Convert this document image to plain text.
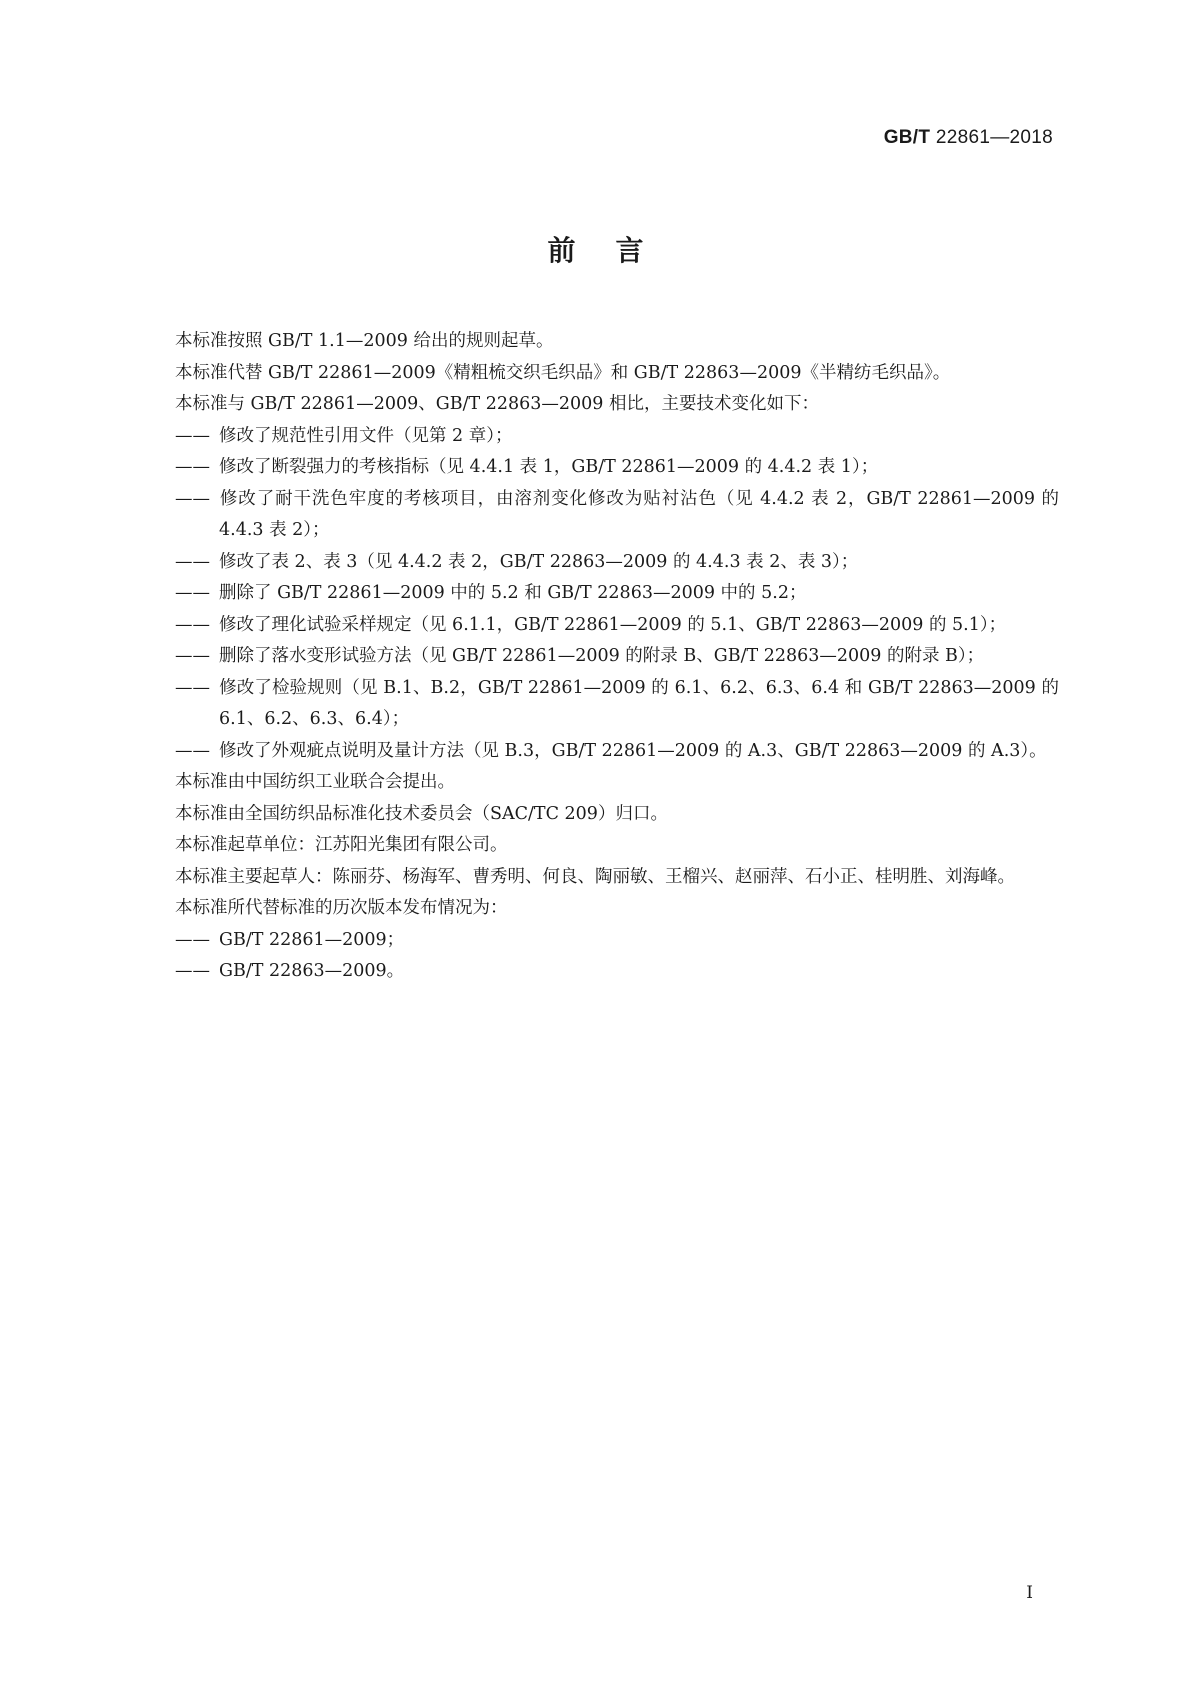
GB/T 22861—2018
前言

本标准按照 GB/T 1.1—2009 给出的规则起草。

本标准代替 GB/T 22861—2009《精粗梳交织毛织品》和 GB/T 22863—2009《半精纺毛织品》。

本标准与 GB/T 22861—2009、GB/T 22863—2009 相比，主要技术变化如下：

—— 修改了规范性引用文件（见第 2 章）；

—— 修改了断裂强力的考核指标（见 4.4.1 表 1，GB/T 22861—2009 的 4.4.2 表 1）；

—— 修改了耐干洗色牢度的考核项目，由溶剂变化修改为贴衬沾色（见 4.4.2 表 2，GB/T 22861—2009 的 4.4.3 表 2）；

—— 修改了表 2、表 3（见 4.4.2 表 2，GB/T 22863—2009 的 4.4.3 表 2、表 3）；

—— 删除了 GB/T 22861—2009 中的 5.2 和 GB/T 22863—2009 中的 5.2；

—— 修改了理化试验采样规定（见 6.1.1，GB/T 22861—2009 的 5.1、GB/T 22863—2009 的 5.1）；

—— 删除了落水变形试验方法（见 GB/T 22861—2009 的附录 B、GB/T 22863—2009 的附录 B）；

—— 修改了检验规则（见 B.1、B.2，GB/T 22861—2009 的 6.1、6.2、6.3、6.4 和 GB/T 22863—2009 的 6.1、6.2、6.3、6.4）；

—— 修改了外观疵点说明及量计方法（见 B.3，GB/T 22861—2009 的 A.3、GB/T 22863—2009 的 A.3）。

本标准由中国纺织工业联合会提出。

本标准由全国纺织品标准化技术委员会（SAC/TC 209）归口。

本标准起草单位：江苏阳光集团有限公司。

本标准主要起草人：陈丽芬、杨海军、曹秀明、何良、陶丽敏、王榴兴、赵丽萍、石小正、桂明胜、刘海峰。

本标准所代替标准的历次版本发布情况为：

—— GB/T 22861—2009；

—— GB/T 22863—2009。

I
